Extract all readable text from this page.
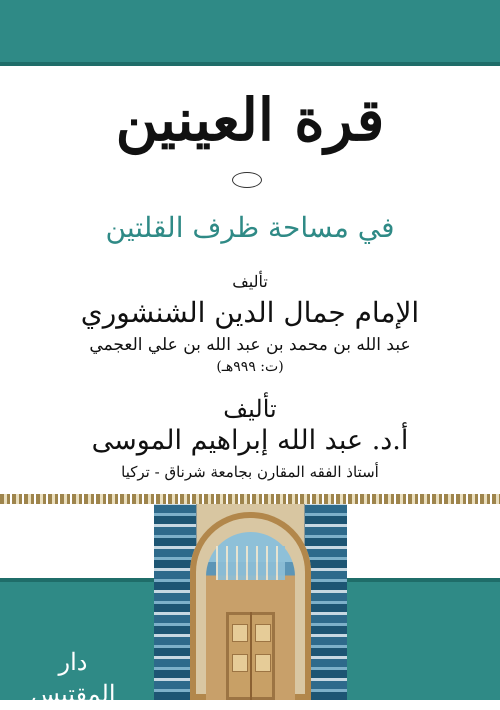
قرة العينين
في مساحة ظرف القلتين
تأليف
الإمام جمال الدين الشنشوري
عبد الله بن محمد بن عبد الله بن علي العجمي
(ت: ٩٩٩هـ)
تأليف
أ.د. عبد الله إبراهيم الموسى
أستاذ الفقه المقارن بجامعة شرناق - تركيا
دار المقتبس
